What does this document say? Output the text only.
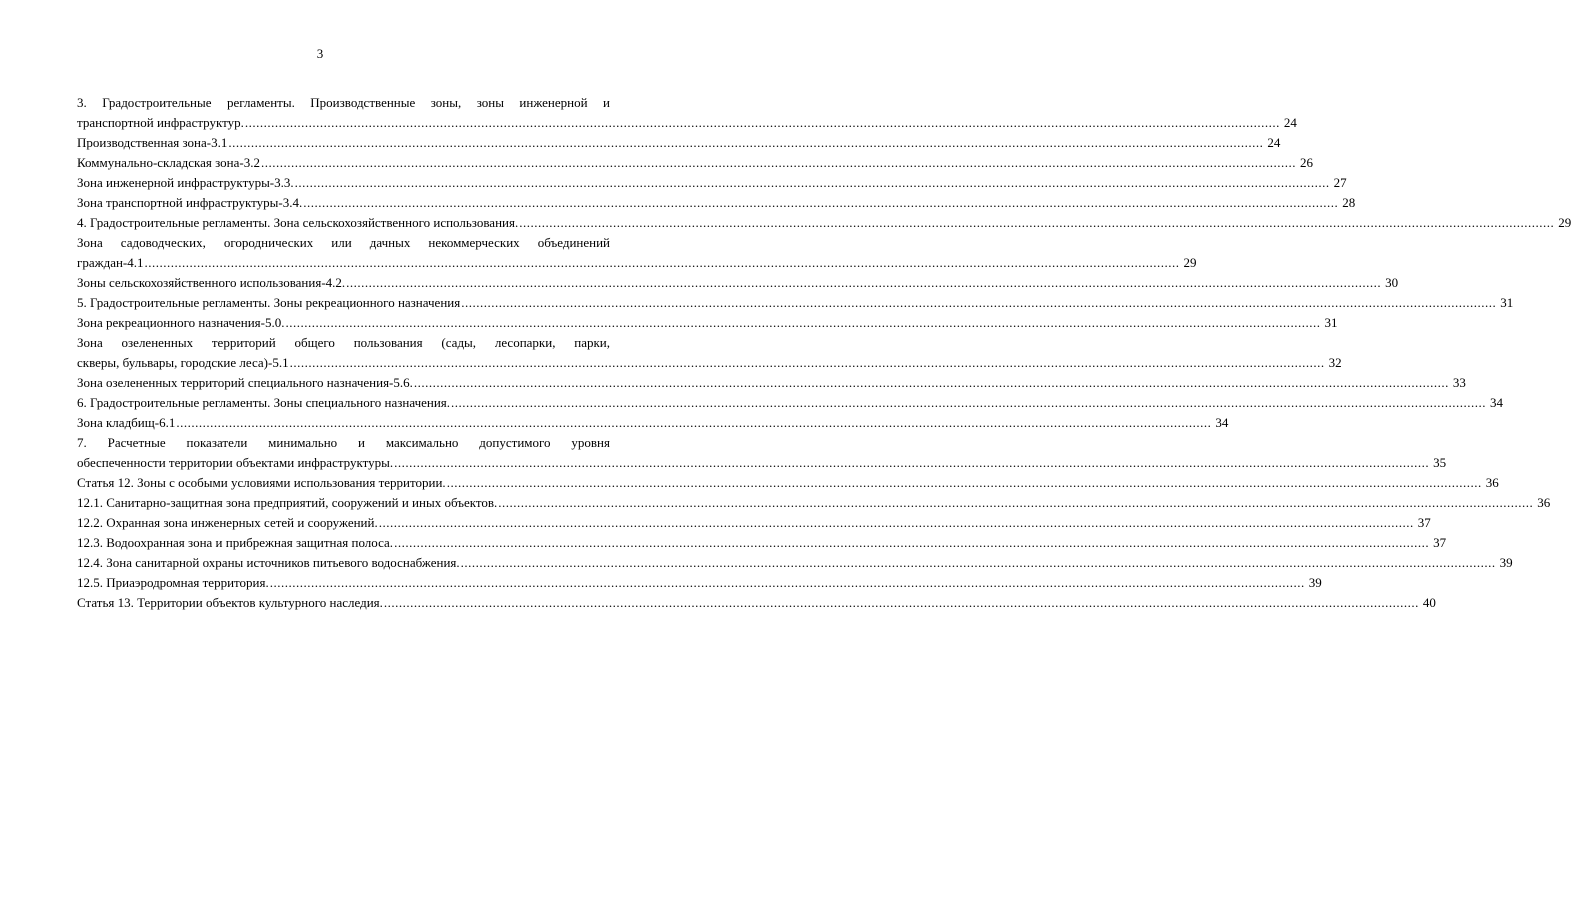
3
3. Градостроительные регламенты. Производственные зоны, зоны инженерной и
транспортной инфраструктур. .....	24
Производственная зона-3.1 .....	24
Коммунально-складская зона-3.2 .....	26
Зона инженерной инфраструктуры-3.3. .....	27
Зона транспортной инфраструктуры-3.4. .....	28
4. Градостроительные регламенты. Зона сельскохозяйственного использования. .....	29
Зона садоводческих, огороднических или дачных некоммерческих объединений
граждан-4.1 .....	29
Зоны сельскохозяйственного использования-4.2. .....	30
5. Градостроительные регламенты. Зоны рекреационного назначения .....	31
Зона рекреационного назначения-5.0. .....	31
Зона озелененных территорий общего пользования (сады, лесопарки, парки,
скверы, бульвары, городские леса)-5.1 .....	32
Зона озелененных территорий специального назначения-5.6. .....	33
6. Градостроительные регламенты. Зоны специального назначения. .....	34
Зона кладбищ-6.1 .....	34
7. Расчетные показатели минимально и максимально допустимого уровня
обеспеченности территории объектами инфраструктуры. .....	35
Статья 12. Зоны с особыми условиями использования территории. .....	36
12.1. Санитарно-защитная зона предприятий, сооружений и иных объектов. .....	36
12.2. Охранная зона инженерных сетей и сооружений. .....	37
12.3. Водоохранная зона и прибрежная защитная полоса. .....	37
12.4. Зона санитарной охраны источников питьевого водоснабжения. .....	39
12.5. Приаэродромная территория. .....	39
Статья 13. Территории объектов культурного наследия. .....	40
